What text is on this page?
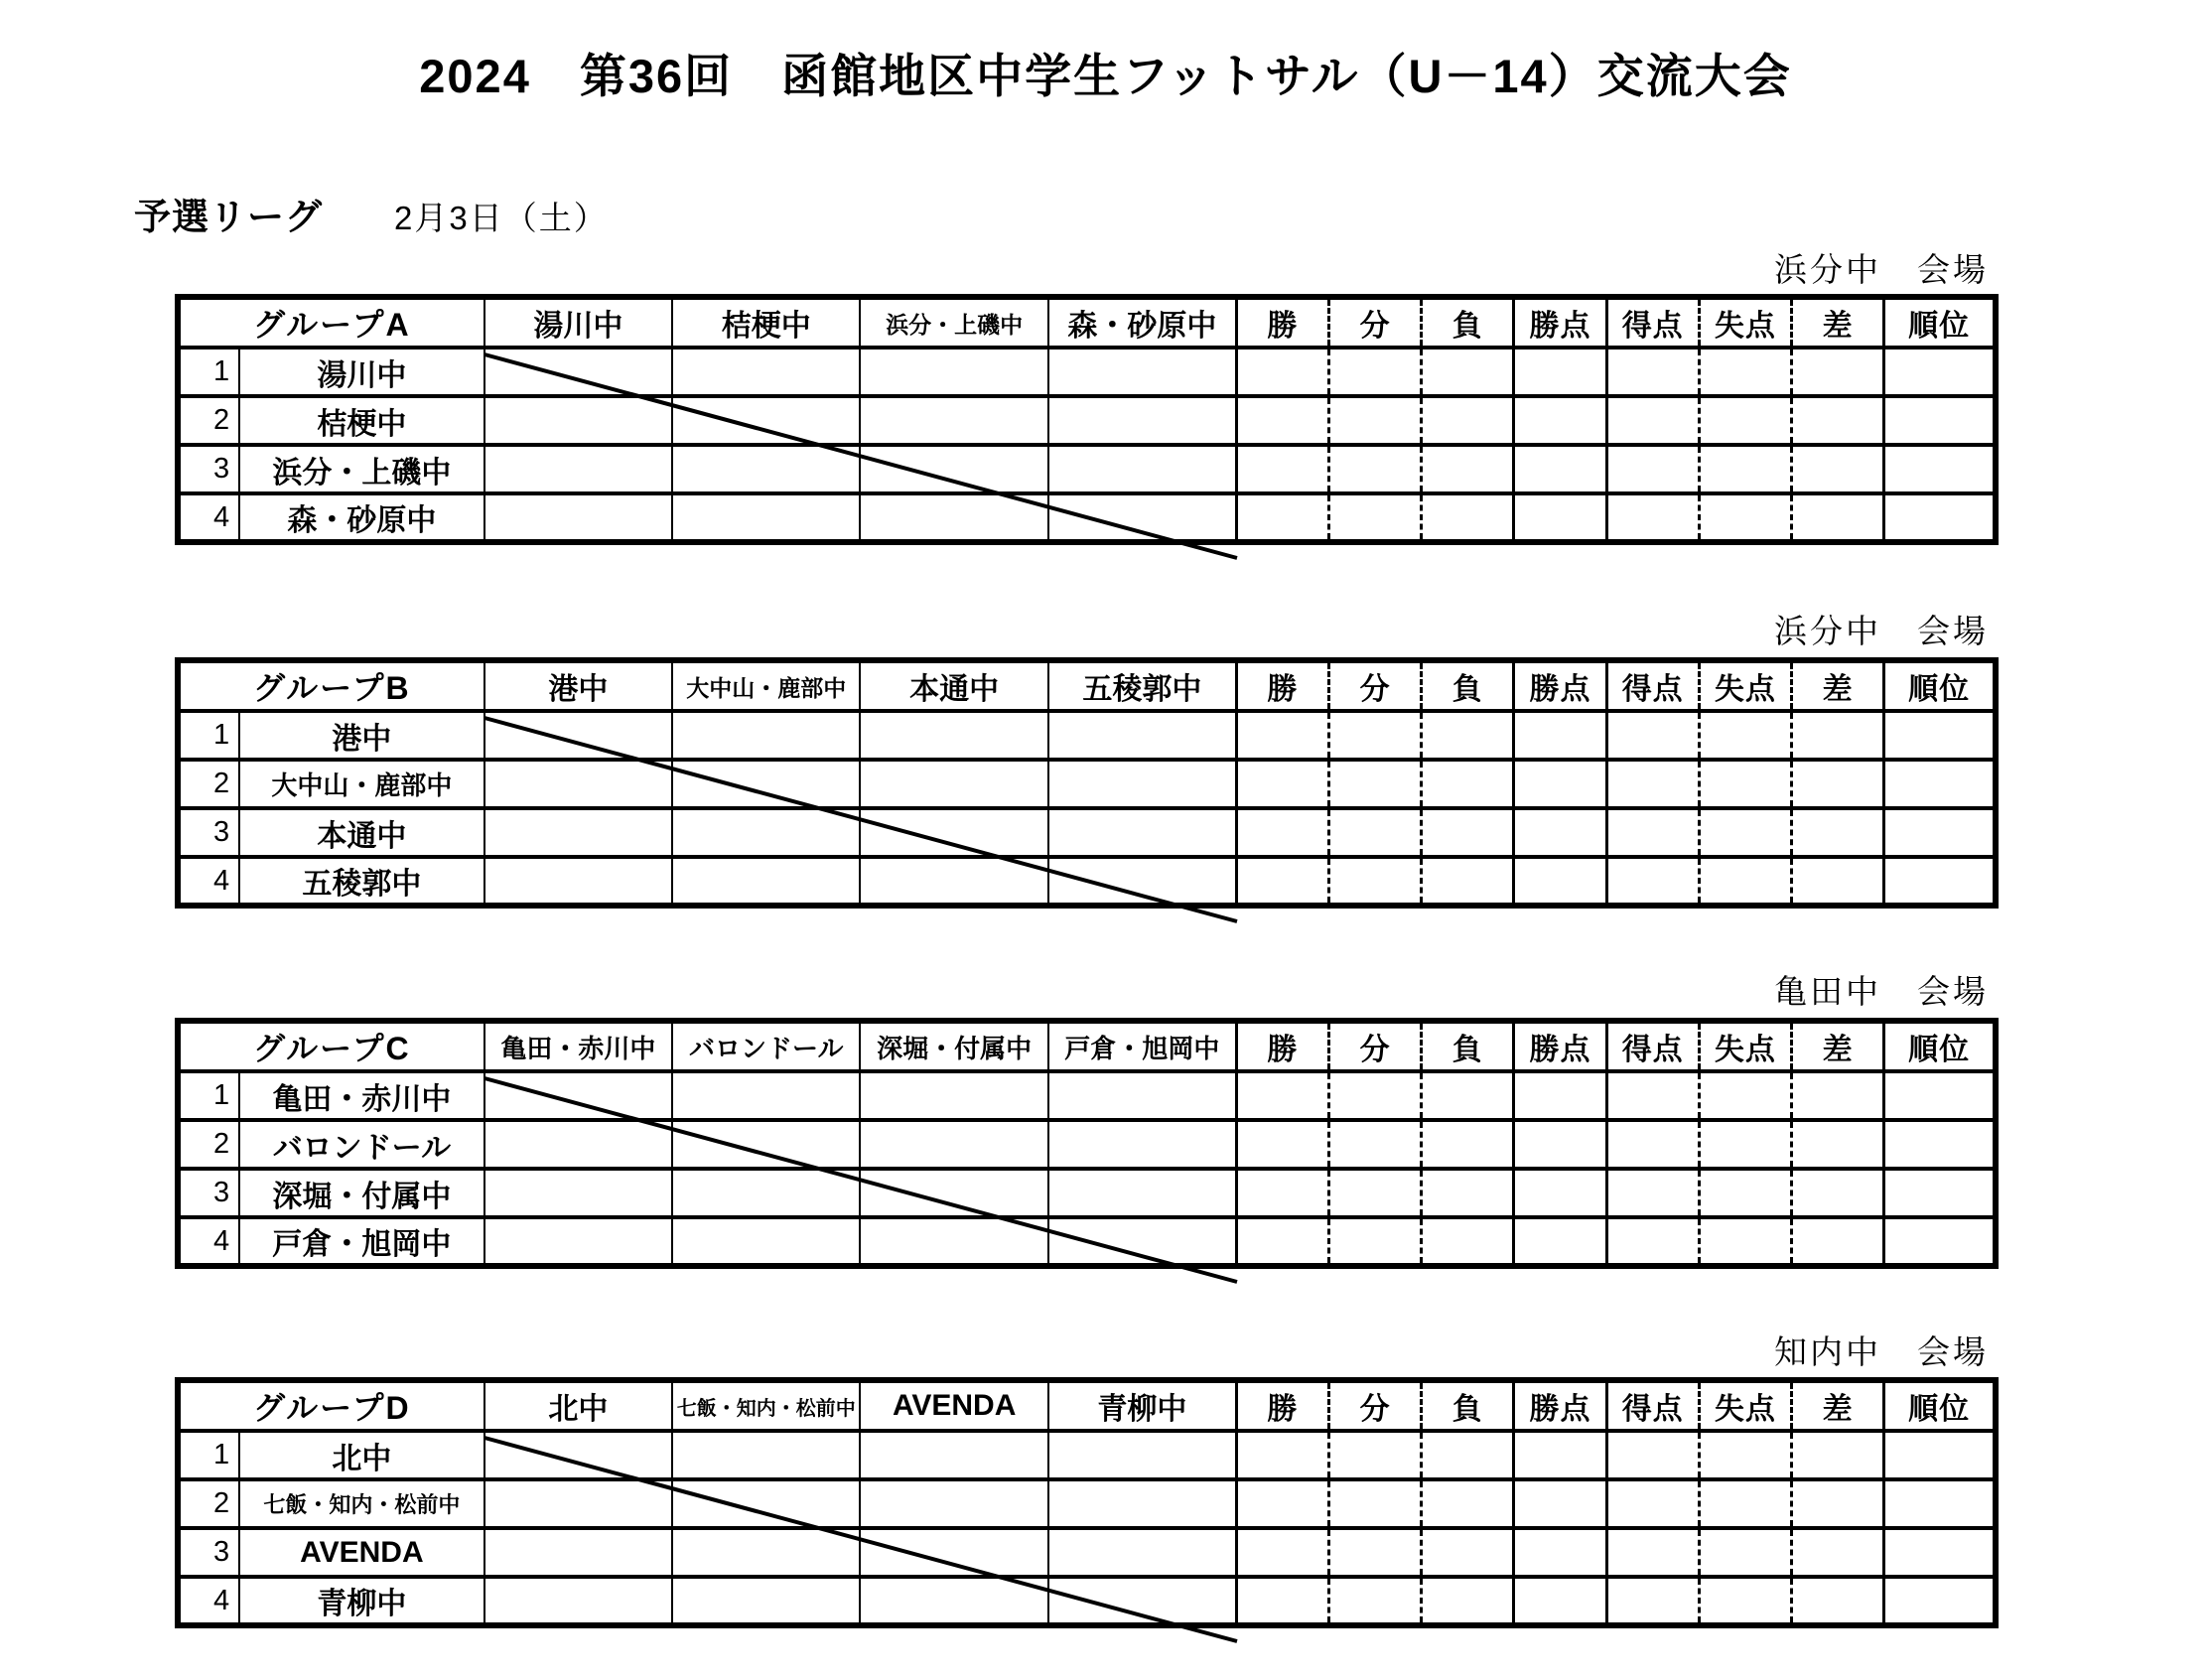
2024　第36回　函館地区中学生フットサル（U－14）交流大会
予選リーグ 2月3日（土）
浜分中　会場
グループA		湯川中	桔梗中	浜分・上磯中	森・砂原中	勝	分	負	勝点	得点	失点	差	順位
1	湯川中												
2	桔梗中												
3	浜分・上磯中												
4	森・砂原中												
浜分中　会場
グループB		港中	大中山・鹿部中	本通中	五稜郭中	勝	分	負	勝点	得点	失点	差	順位
1	港中												
2	大中山・鹿部中												
3	本通中												
4	五稜郭中												
亀田中　会場
グループC		亀田・赤川中	バロンドール	深堀・付属中	戸倉・旭岡中	勝	分	負	勝点	得点	失点	差	順位
1	亀田・赤川中												
2	バロンドール												
3	深堀・付属中												
4	戸倉・旭岡中												
知内中　会場
グループD		北中	七飯・知内・松前中	AVENDA	青柳中	勝	分	負	勝点	得点	失点	差	順位
1	北中												
2	七飯・知内・松前中												
3	AVENDA												
4	青柳中												
